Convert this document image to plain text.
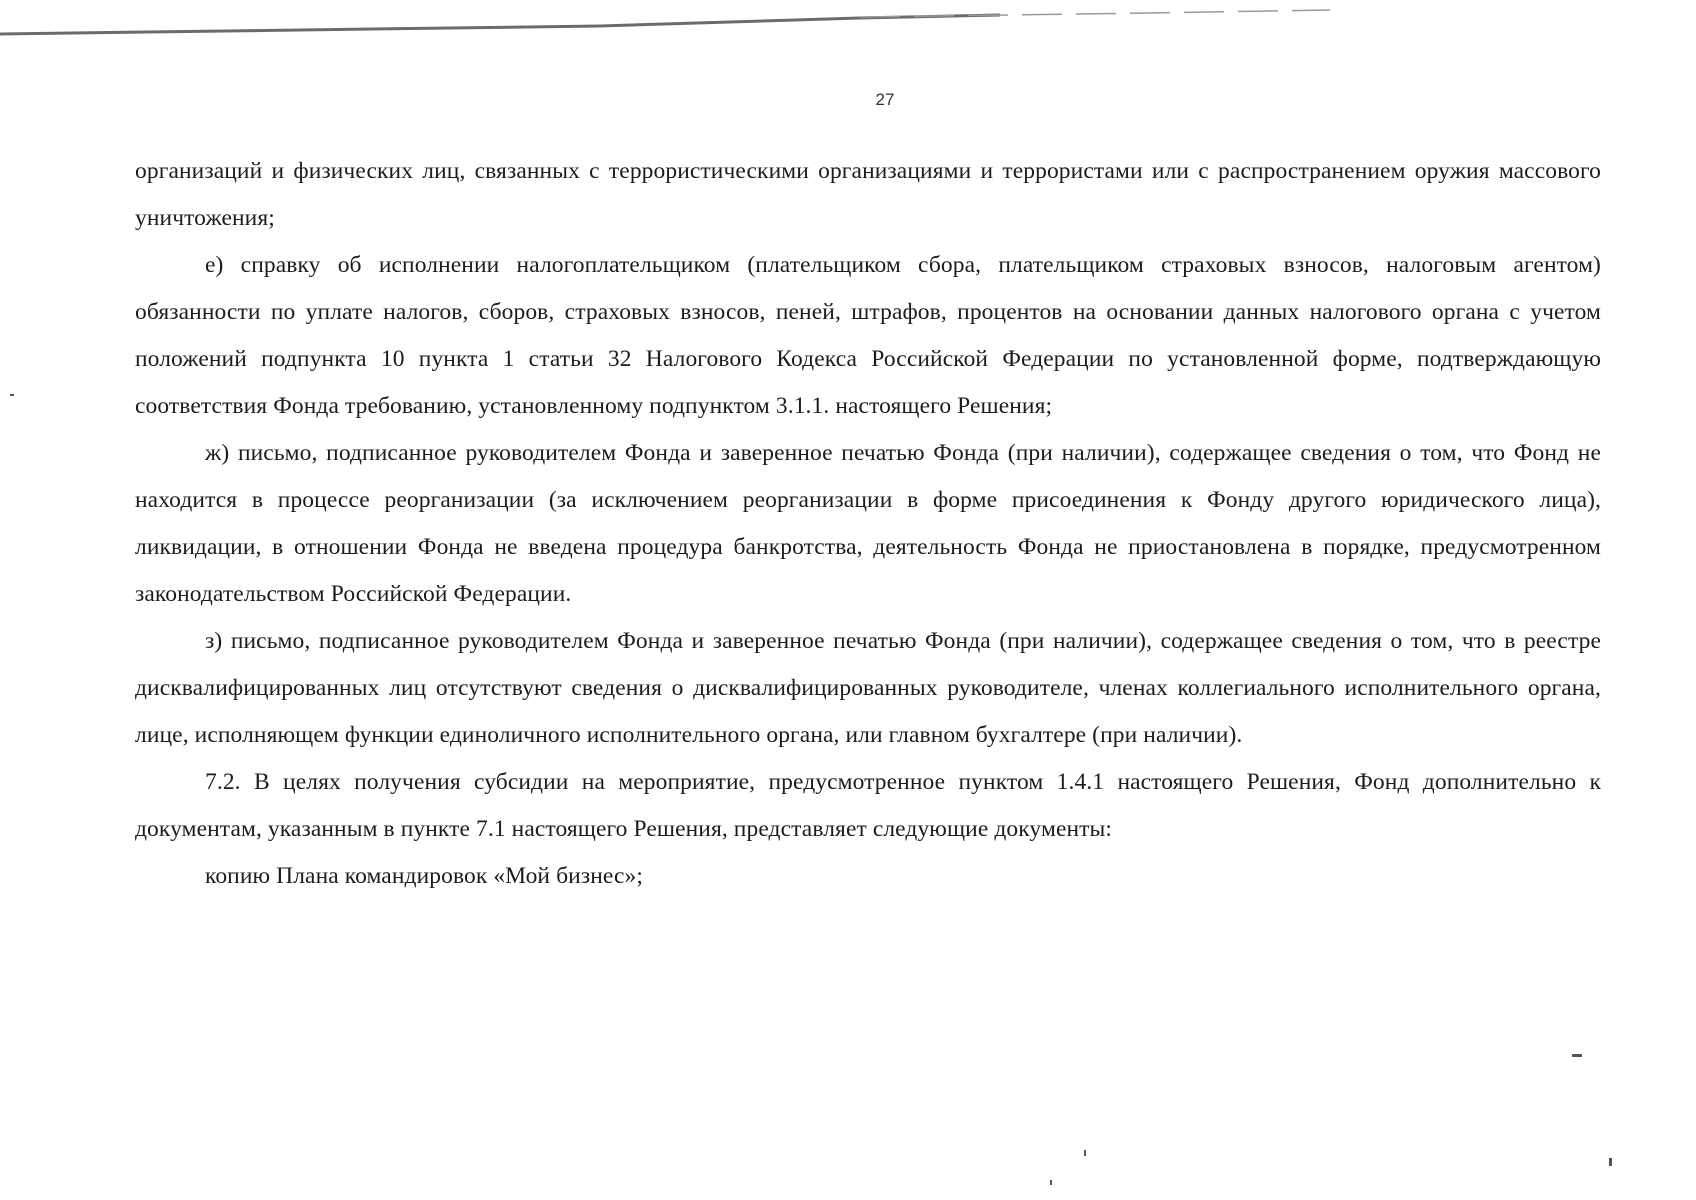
27

организаций и физических лиц, связанных с террористическими организациями и террористами или с распространением оружия массового уничтожения;

е) справку об исполнении налогоплательщиком (плательщиком сбора, плательщиком страховых взносов, налоговым агентом) обязанности по уплате налогов, сборов, страховых взносов, пеней, штрафов, процентов на основании данных налогового органа с учетом положений подпункта 10 пункта 1 статьи 32 Налогового Кодекса Российской Федерации по установленной форме, подтверждающую соответствия Фонда требованию, установленному подпунктом 3.1.1. настоящего Решения;

ж) письмо, подписанное руководителем Фонда и заверенное печатью Фонда (при наличии), содержащее сведения о том, что Фонд не находится в процессе реорганизации (за исключением реорганизации в форме присоединения к Фонду другого юридического лица), ликвидации, в отношении Фонда не введена процедура банкротства, деятельность Фонда не приостановлена в порядке, предусмотренном законодательством Российской Федерации.

з) письмо, подписанное руководителем Фонда и заверенное печатью Фонда (при наличии), содержащее сведения о том, что в реестре дисквалифицированных лиц отсутствуют сведения о дисквалифицированных руководителе, членах коллегиального исполнительного органа, лице, исполняющем функции единоличного исполнительного органа, или главном бухгалтере (при наличии).

7.2. В целях получения субсидии на мероприятие, предусмотренное пунктом 1.4.1 настоящего Решения, Фонд дополнительно к документам, указанным в пункте 7.1 настоящего Решения, представляет следующие документы:

копию Плана командировок «Мой бизнес»;
